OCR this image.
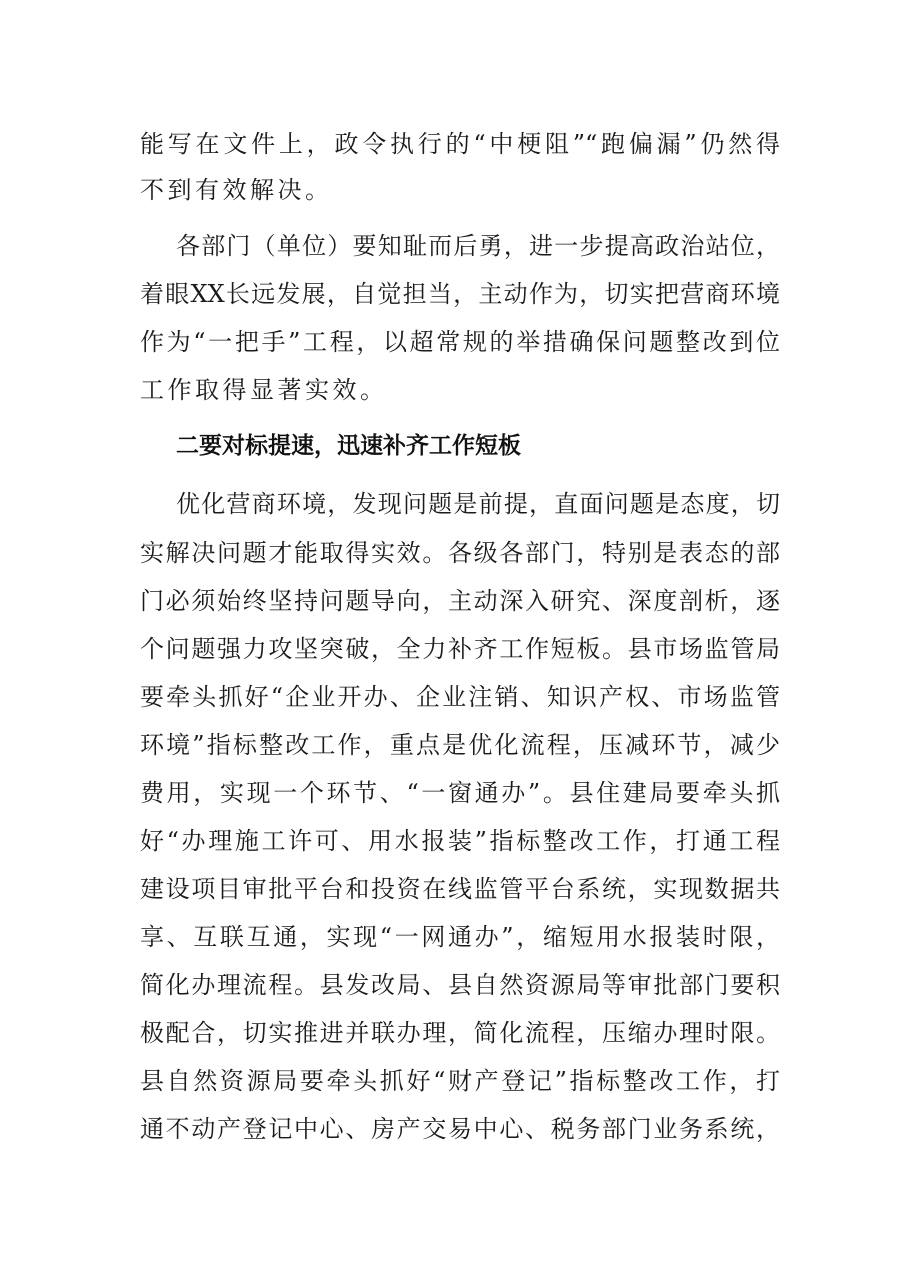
能写在文件上，政令执行的“中梗阻”“跑偏漏”仍然得

不到有效解决。

各部门（单位）要知耻而后勇，进一步提高政治站位，

着眼XX长远发展，自觉担当，主动作为，切实把营商环境

作为“一把手”工程，以超常规的举措确保问题整改到位

工作取得显著实效。

二要对标提速，迅速补齐工作短板

优化营商环境，发现问题是前提，直面问题是态度，切

实解决问题才能取得实效。各级各部门，特别是表态的部

门必须始终坚持问题导向，主动深入研究、深度剖析，逐

个问题强力攻坚突破，全力补齐工作短板。县市场监管局

要牵头抓好“企业开办、企业注销、知识产权、市场监管

环境”指标整改工作，重点是优化流程，压减环节，减少

费用，实现一个环节、“一窗通办”。县住建局要牵头抓

好“办理施工许可、用水报装”指标整改工作，打通工程

建设项目审批平台和投资在线监管平台系统，实现数据共

享、互联互通，实现“一网通办”，缩短用水报装时限，

简化办理流程。县发改局、县自然资源局等审批部门要积

极配合，切实推进并联办理，简化流程，压缩办理时限。

县自然资源局要牵头抓好“财产登记”指标整改工作，打

通不动产登记中心、房产交易中心、税务部门业务系统，
